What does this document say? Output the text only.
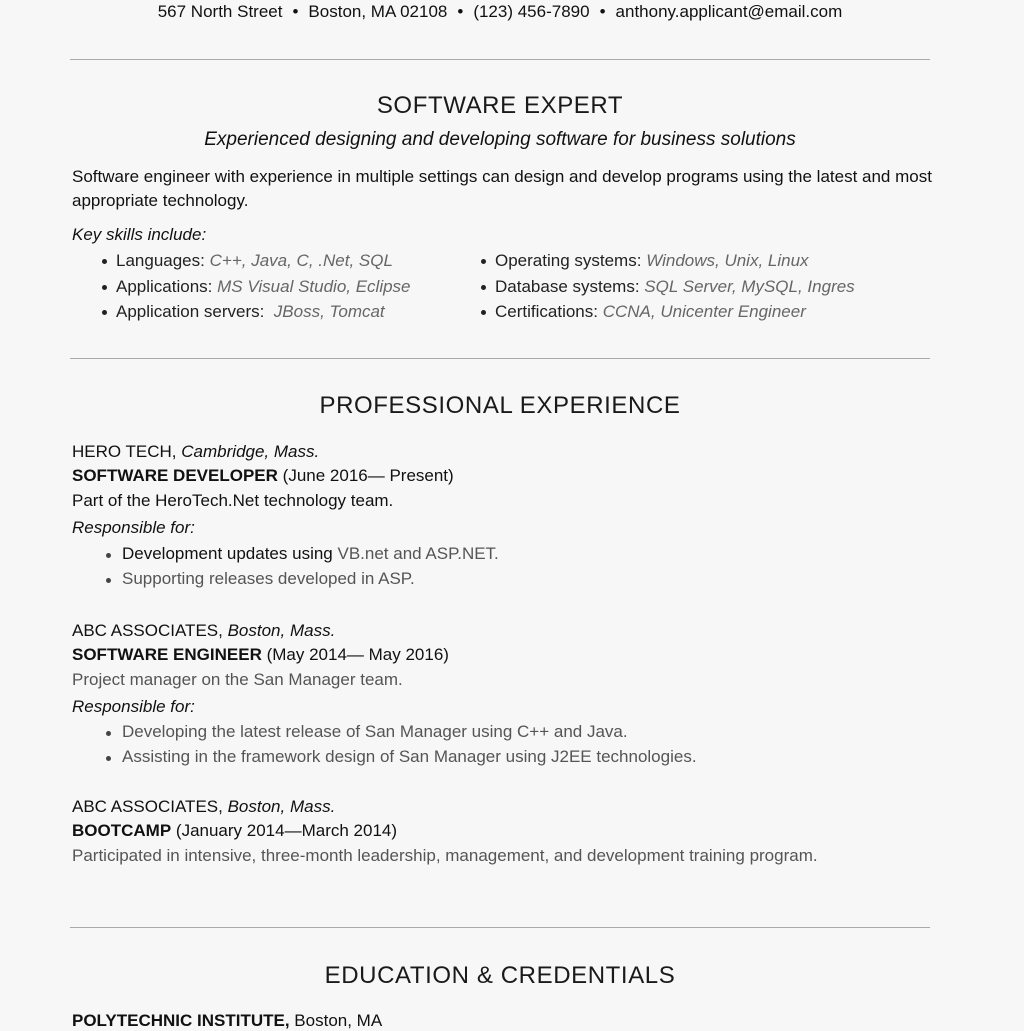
567 North Street • Boston, MA 02108 • (123) 456-7890 • anthony.applicant@email.com
SOFTWARE EXPERT
Experienced designing and developing software for business solutions
Software engineer with experience in multiple settings can design and develop programs using the latest and most appropriate technology.
Key skills include:
Languages: C++, Java, C, .Net, SQL
Applications: MS Visual Studio, Eclipse
Application servers: JBoss, Tomcat
Operating systems: Windows, Unix, Linux
Database systems: SQL Server, MySQL, Ingres
Certifications: CCNA, Unicenter Engineer
PROFESSIONAL EXPERIENCE
HERO TECH, Cambridge, Mass.
SOFTWARE DEVELOPER (June 2016— Present)
Part of the HeroTech.Net technology team.
Responsible for:
Development updates using VB.net and ASP.NET.
Supporting releases developed in ASP.
ABC ASSOCIATES, Boston, Mass.
SOFTWARE ENGINEER (May 2014— May 2016)
Project manager on the San Manager team.
Responsible for:
Developing the latest release of San Manager using C++ and Java.
Assisting in the framework design of San Manager using J2EE technologies.
ABC ASSOCIATES, Boston, Mass.
BOOTCAMP (January 2014—March 2014)
Participated in intensive, three-month leadership, management, and development training program.
EDUCATION & CREDENTIALS
POLYTECHNIC INSTITUTE, Boston, MA
